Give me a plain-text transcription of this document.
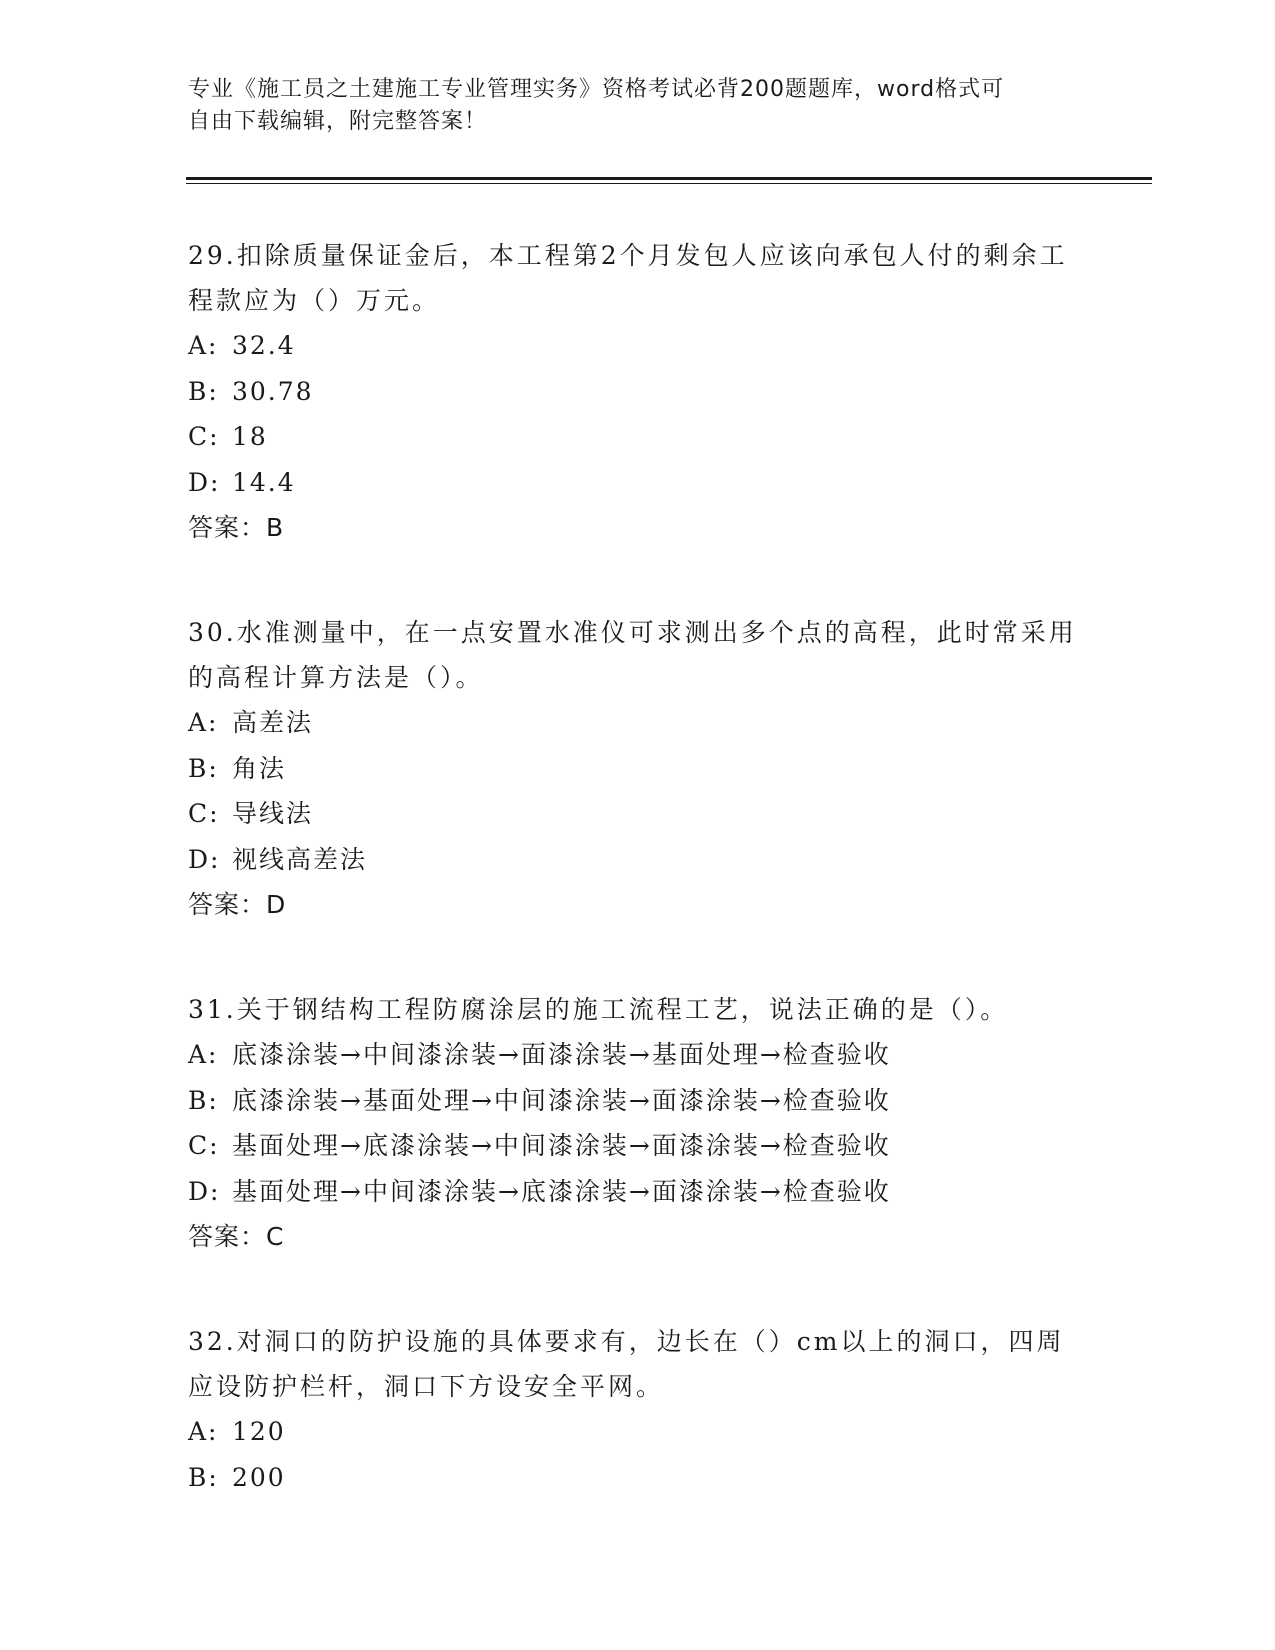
专业《施工员之土建施工专业管理实务》资格考试必背200题题库，word格式可
自由下载编辑，附完整答案！

29.扣除质量保证金后，本工程第2个月发包人应该向承包人付的剩余工程款应为（）万元。

A: 32.4

B: 30.78

C: 18

D: 14.4

答案：B

30.水准测量中，在一点安置水准仪可求测出多个点的高程，此时常采用的高程计算方法是（）。

A: 高差法

B: 角法

C: 导线法

D: 视线高差法

答案：D

31.关于钢结构工程防腐涂层的施工流程工艺，说法正确的是（）。

A: 底漆涂装→中间漆涂装→面漆涂装→基面处理→检查验收

B: 底漆涂装→基面处理→中间漆涂装→面漆涂装→检查验收

C: 基面处理→底漆涂装→中间漆涂装→面漆涂装→检查验收

D: 基面处理→中间漆涂装→底漆涂装→面漆涂装→检查验收

答案：C

32.对洞口的防护设施的具体要求有，边长在（）cm以上的洞口，四周应设防护栏杆，洞口下方设安全平网。

A: 120

B: 200
